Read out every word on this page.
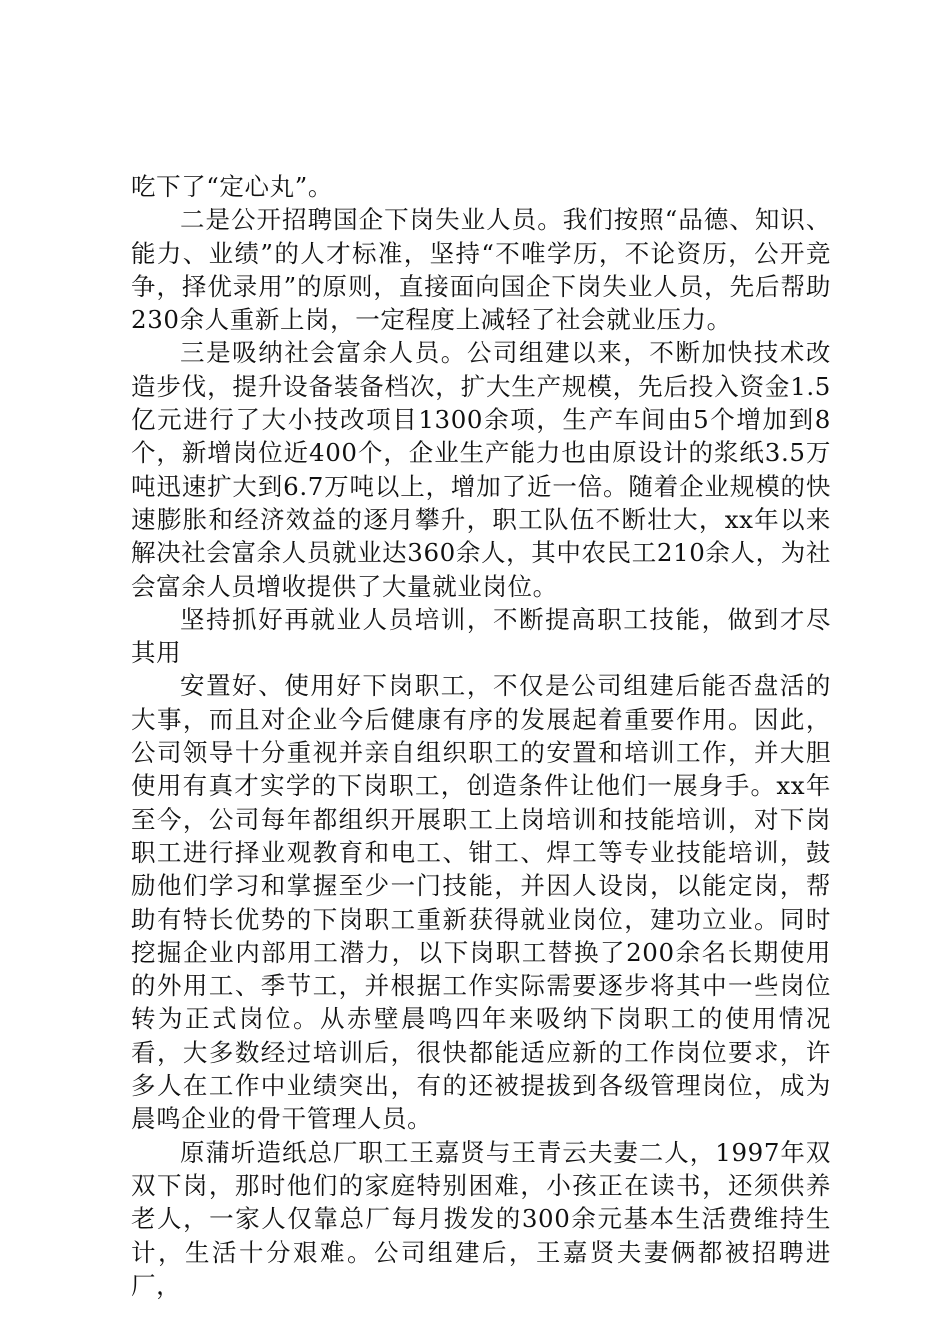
吃下了“定心丸”。

二是公开招聘国企下岗失业人员。我们按照“品德、知识、能力、业绩”的人才标准，坚持“不唯学历，不论资历，公开竞争，择优录用”的原则，直接面向国企下岗失业人员，先后帮助230余人重新上岗，一定程度上减轻了社会就业压力。

三是吸纳社会富余人员。公司组建以来，不断加快技术改造步伐，提升设备装备档次，扩大生产规模，先后投入资金1.5亿元进行了大小技改项目1300余项，生产车间由5个增加到8个，新增岗位近400个，企业生产能力也由原设计的浆纸3.5万吨迅速扩大到6.7万吨以上，增加了近一倍。随着企业规模的快速膨胀和经济效益的逐月攀升，职工队伍不断壮大，xx年以来解决社会富余人员就业达360余人，其中农民工210余人，为社会富余人员增收提供了大量就业岗位。

坚持抓好再就业人员培训，不断提高职工技能，做到才尽其用

安置好、使用好下岗职工，不仅是公司组建后能否盘活的大事，而且对企业今后健康有序的发展起着重要作用。因此，公司领导十分重视并亲自组织职工的安置和培训工作，并大胆使用有真才实学的下岗职工，创造条件让他们一展身手。xx年至今，公司每年都组织开展职工上岗培训和技能培训，对下岗职工进行择业观教育和电工、钳工、焊工等专业技能培训，鼓励他们学习和掌握至少一门技能，并因人设岗，以能定岗，帮助有特长优势的下岗职工重新获得就业岗位，建功立业。同时挖掘企业内部用工潜力，以下岗职工替换了200余名长期使用的外用工、季节工，并根据工作实际需要逐步将其中一些岗位转为正式岗位。从赤壁晨鸣四年来吸纳下岗职工的使用情况看，大多数经过培训后，很快都能适应新的工作岗位要求，许多人在工作中业绩突出，有的还被提拔到各级管理岗位，成为晨鸣企业的骨干管理人员。

原蒲圻造纸总厂职工王嘉贤与王青云夫妻二人，1997年双双下岗，那时他们的家庭特别困难，小孩正在读书，还须供养老人，一家人仅靠总厂每月拨发的300余元基本生活费维持生计，生活十分艰难。公司组建后，王嘉贤夫妻俩都被招聘进厂，
